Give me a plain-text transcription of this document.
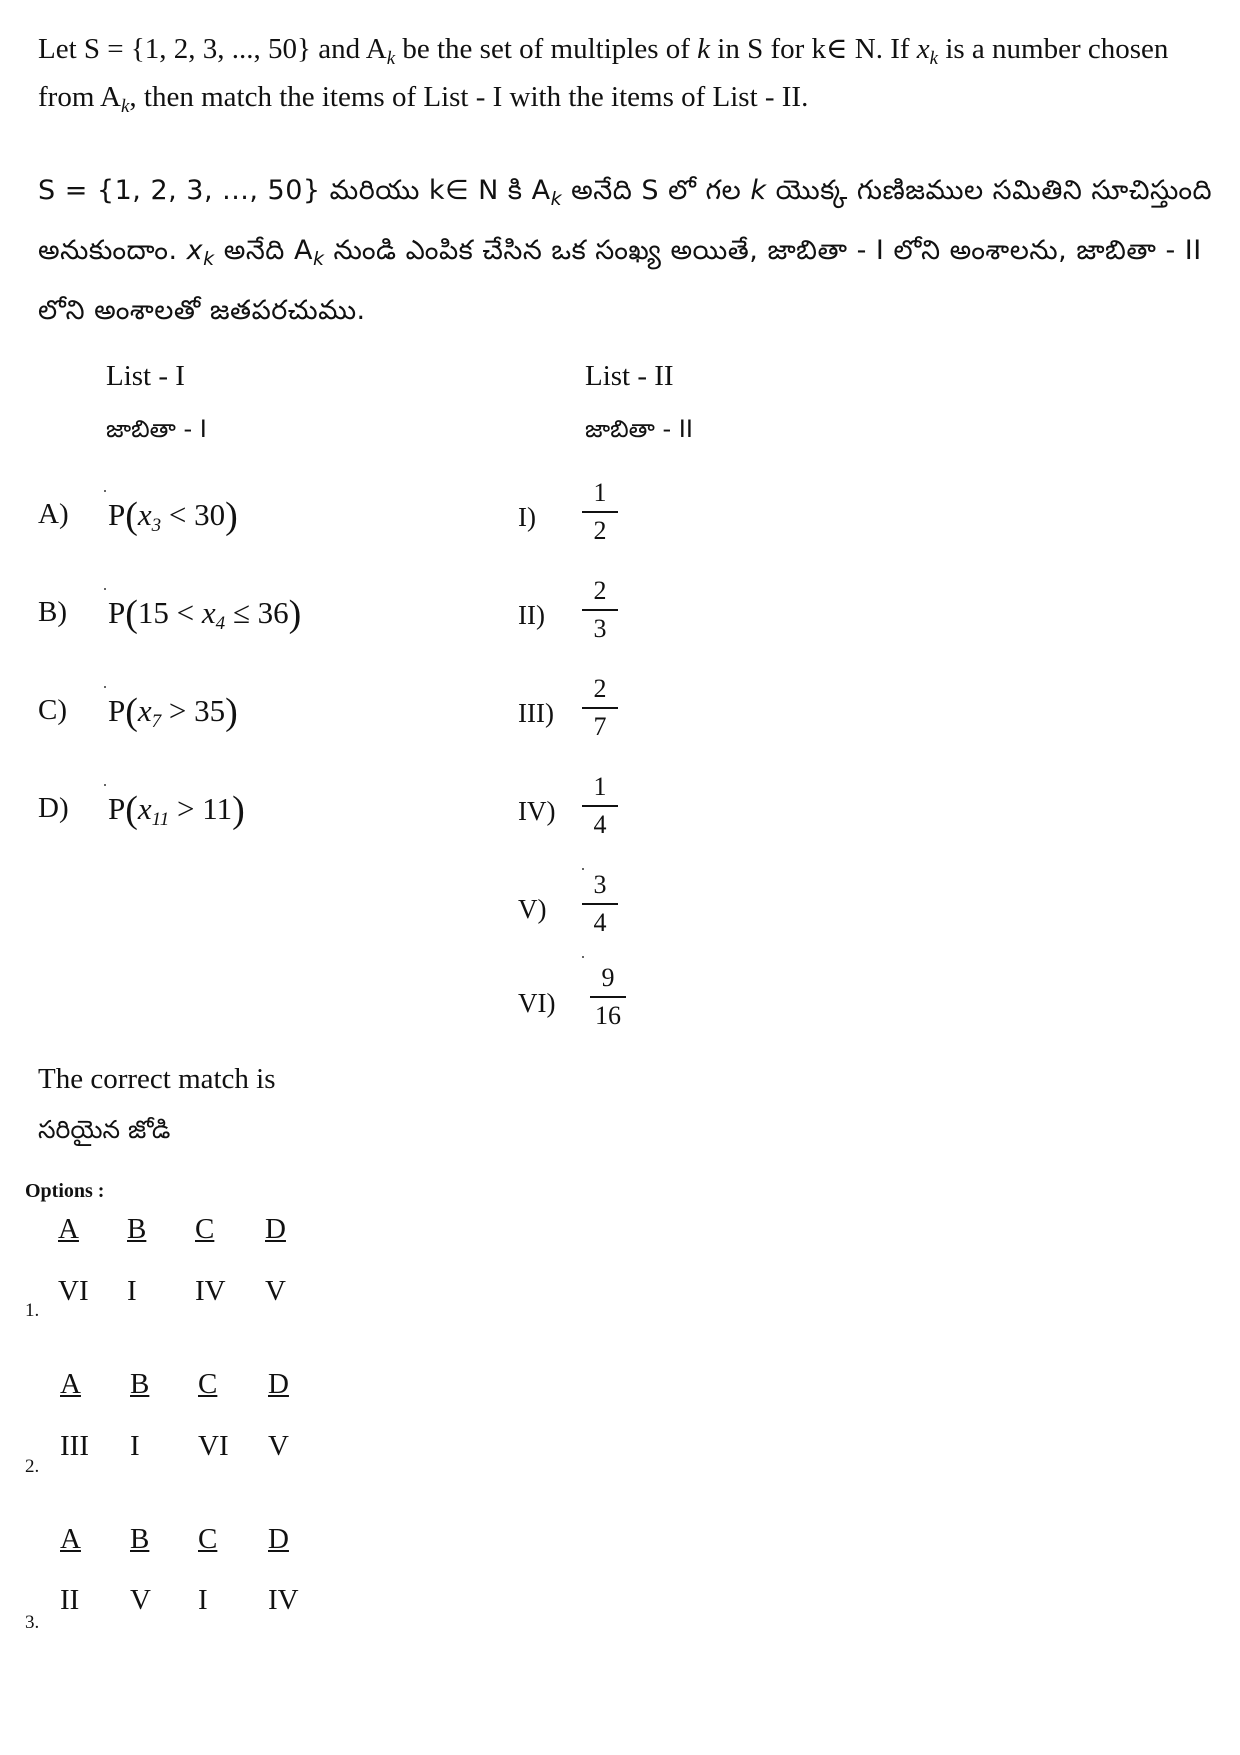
Let S = {1, 2, 3, ..., 50} and $A_k$ be the set of multiples of k in S for k∈ N. If $x_k$ is a number chosen from $A_k$, then match the items of List - I with the items of List - II.
S = {1, 2, 3, ..., 50} మరియు k∈ N కి $A_k$ అనేది S లో గల k యొక్క గుణిజముల సమితిని సూచిస్తుంది అనుకుందాం. $x_k$ అనేది $A_k$ నుండి ఎంపిక చేసిన ఒక సంఖ్య అయితే, జాబితా - I లోని అంశాలను, జాబితా - II లోని అంశాలతో జతపరచుము.
List - I
జాబితా - I
List - II
జాబితా - II
A) $P(x_3 < 30)$
B) $P(15 < x_4 \le 36)$
C) $P(x_7 > 35)$
D) $P(x_{11} > 11)$
I)
1
2
II)
2
3
III)
2
7
IV)
1
4
V)
3
4
VI)
9
16
The correct match is
సరియైన జోడి
Options :
A B C D
VI I IV V
1.
A B C D
III I VI V
2.
A B C D
II V I IV
3.
